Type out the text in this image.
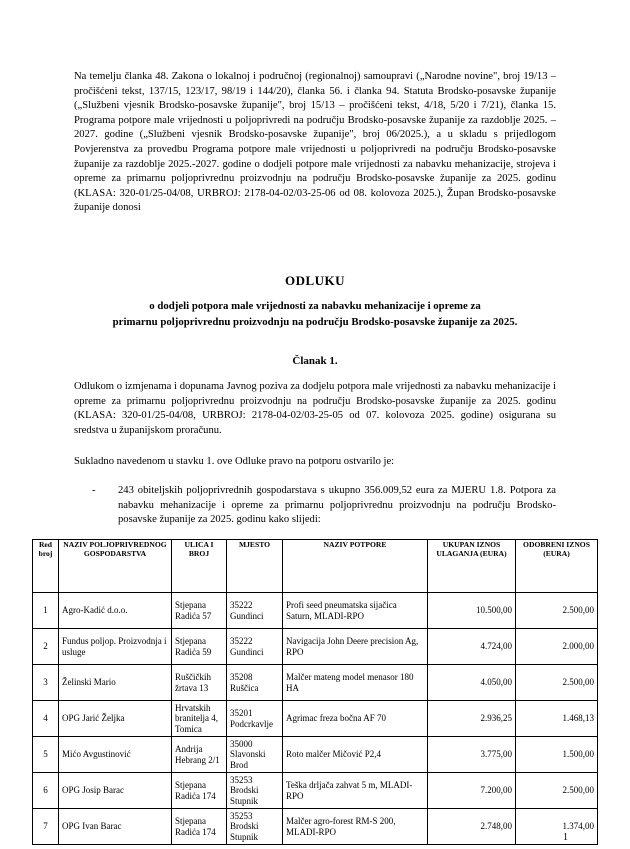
Na temelju članka 48. Zakona o lokalnoj i područnoj (regionalnoj) samoupravi („Narodne novine", broj 19/13 – pročišćeni tekst, 137/15, 123/17, 98/19 i 144/20), članka 56. i članka 94. Statuta Brodsko-posavske županije („Službeni vjesnik Brodsko-posavske županije", broj 15/13 – pročišćeni tekst, 4/18, 5/20 i 7/21), članka 15. Programa potpore male vrijednosti u poljoprivredi na području Brodsko-posavske županije za razdoblje 2025. – 2027. godine („Službeni vjesnik Brodsko-posavske županije", broj 06/2025.), a u skladu s prijedlogom Povjerenstva za provedbu Programa potpore male vrijednosti u poljoprivredi na području Brodsko-posavske županije za razdoblje 2025.-2027. godine o dodjeli potpore male vrijednosti za nabavku mehanizacije, strojeva i opreme za primarnu poljoprivrednu proizvodnju na području Brodsko-posavske županije za 2025. godinu (KLASA: 320-01/25-04/08, URBROJ: 2178-04-02/03-25-06 od 08. kolovoza 2025.), Župan Brodsko-posavske županije donosi
ODLUKU
o dodjeli potpora male vrijednosti za nabavku mehanizacije i opreme za
primarnu poljoprivrednu proizvodnju na području Brodsko-posavske županije za 2025.
Članak 1.
Odlukom o izmjenama i dopunama Javnog poziva za dodjelu potpora male vrijednosti za nabavku mehanizacije i opreme za primarnu poljoprivrednu proizvodnju na području Brodsko-posavske županije za 2025. godinu (KLASA: 320-01/25-04/08, URBROJ: 2178-04-02/03-25-05 od 07. kolovoza 2025. godine) osigurana su sredstva u županijskom proračunu.
Sukladno navedenom u stavku 1. ove Odluke pravo na potporu ostvarilo je:
- 243 obiteljskih poljoprivrednih gospodarstava s ukupno 356.009,52 eura za MJERU 1.8. Potpora za nabavku mehanizacije i opreme za primarnu poljoprivrednu proizvodnju na području Brodsko-posavske županije za 2025. godinu kako slijedi:
Red broj	NAZIV POLJOPRIVREDNOG GOSPODARSTVA	ULICA I BROJ	MJESTO	NAZIV POTPORE	UKUPAN IZNOS ULAGANJA (EURA)	ODOBRENI IZNOS (EURA)
1	Agro-Kadić d.o.o.	Stjepana Radića 57	35222 Gundinci	Profi seed pneumatska sijačica Saturn, MLADI-RPO	10.500,00	2.500,00
2	Fundus poljop. Proizvodnja i usluge	Stjepana Radića 59	35222 Gundinci	Navigacija John Deere precision Ag, RPO	4.724,00	2.000,00
3	Želinski Mario	Ruščičkih žrtava 13	35208 Ruščica	Malčer mateng model menasor 180 HA	4.050,00	2.500,00
4	OPG Jarić Željka	Hrvatskih branitelja 4, Tomica	35201 Podcrkavlje	Agrimac freza bočna AF 70	2.936,25	1.468,13
5	Mićo Avgustinović	Andrija Hebrang 2/1	35000 Slavonski Brod	Roto malčer Mičović P2,4	3.775,00	1.500,00
6	OPG Josip Barac	Stjepana Radića 174	35253 Brodski Stupnik	Teška drljača zahvat 5 m, MLADI-RPO	7.200,00	2.500,00
7	OPG Ivan Barac	Stjepana Radića 174	35253 Brodski Stupnik	Malčer agro-forest RM-S 200, MLADI-RPO	2.748,00	1.374,00
1
